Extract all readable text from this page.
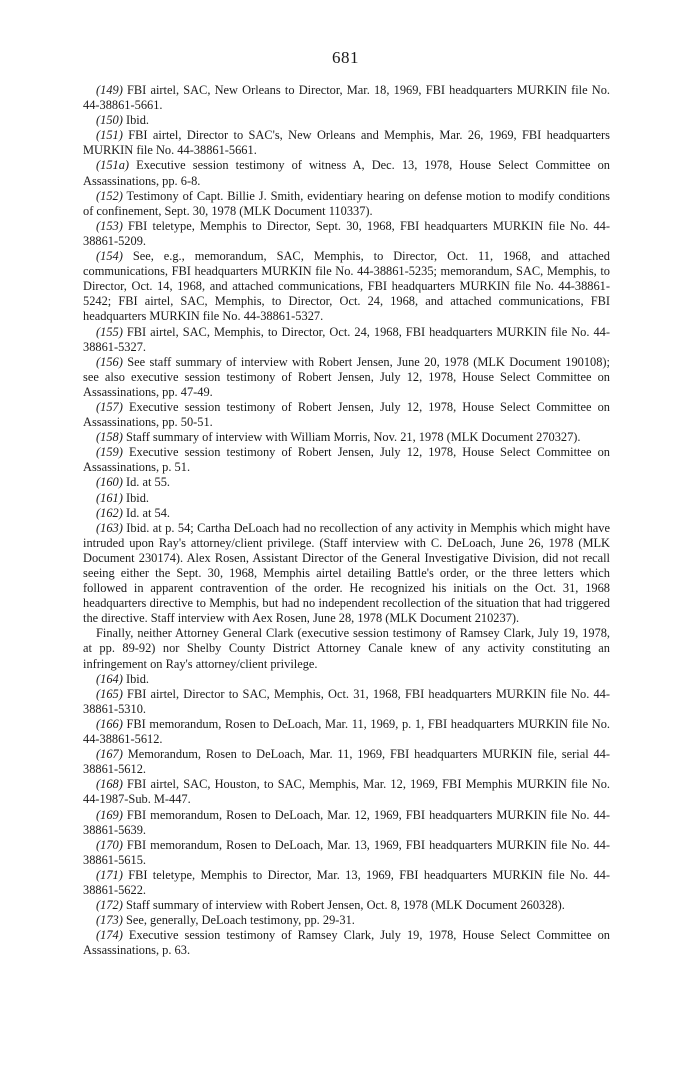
681

(149) FBI airtel, SAC, New Orleans to Director, Mar. 18, 1969, FBI headquarters MURKIN file No. 44-38861-5661.

(150) Ibid.

(151) FBI airtel, Director to SAC's, New Orleans and Memphis, Mar. 26, 1969, FBI headquarters MURKIN file No. 44-38861-5661.

(151a) Executive session testimony of witness A, Dec. 13, 1978, House Select Committee on Assassinations, pp. 6-8.

(152) Testimony of Capt. Billie J. Smith, evidentiary hearing on defense motion to modify conditions of confinement, Sept. 30, 1978 (MLK Document 110337).

(153) FBI teletype, Memphis to Director, Sept. 30, 1968, FBI headquarters MURKIN file No. 44-38861-5209.

(154) See, e.g., memorandum, SAC, Memphis, to Director, Oct. 11, 1968, and attached communications, FBI headquarters MURKIN file No. 44-38861-5235; memorandum, SAC, Memphis, to Director, Oct. 14, 1968, and attached communications, FBI headquarters MURKIN file No. 44-38861-5242; FBI airtel, SAC, Memphis, to Director, Oct. 24, 1968, and attached communications, FBI headquarters MURKIN file No. 44-38861-5327.

(155) FBI airtel, SAC, Memphis, to Director, Oct. 24, 1968, FBI headquarters MURKIN file No. 44-38861-5327.

(156) See staff summary of interview with Robert Jensen, June 20, 1978 (MLK Document 190108); see also executive session testimony of Robert Jensen, July 12, 1978, House Select Committee on Assassinations, pp. 47-49.

(157) Executive session testimony of Robert Jensen, July 12, 1978, House Select Committee on Assassinations, pp. 50-51.

(158) Staff summary of interview with William Morris, Nov. 21, 1978 (MLK Document 270327).

(159) Executive session testimony of Robert Jensen, July 12, 1978, House Select Committee on Assassinations, p. 51.

(160) Id. at 55.

(161) Ibid.

(162) Id. at 54.

(163) Ibid. at p. 54; Cartha DeLoach had no recollection of any activity in Memphis which might have intruded upon Ray's attorney/client privilege. (Staff interview with C. DeLoach, June 26, 1978 (MLK Document 230174). Alex Rosen, Assistant Director of the General Investigative Division, did not recall seeing either the Sept. 30, 1968, Memphis airtel detailing Battle's order, or the three letters which followed in apparent contravention of the order. He recognized his initials on the Oct. 31, 1968 headquarters directive to Memphis, but had no independent recollection of the situation that had triggered the directive. Staff interview with Aex Rosen, June 28, 1978 (MLK Document 210237).

Finally, neither Attorney General Clark (executive session testimony of Ramsey Clark, July 19, 1978, at pp. 89-92) nor Shelby County District Attorney Canale knew of any activity constituting an infringement on Ray's attorney/client privilege.

(164) Ibid.

(165) FBI airtel, Director to SAC, Memphis, Oct. 31, 1968, FBI headquarters MURKIN file No. 44-38861-5310.

(166) FBI memorandum, Rosen to DeLoach, Mar. 11, 1969, p. 1, FBI headquarters MURKIN file No. 44-38861-5612.

(167) Memorandum, Rosen to DeLoach, Mar. 11, 1969, FBI headquarters MURKIN file, serial 44-38861-5612.

(168) FBI airtel, SAC, Houston, to SAC, Memphis, Mar. 12, 1969, FBI Memphis MURKIN file No. 44-1987-Sub. M-447.

(169) FBI memorandum, Rosen to DeLoach, Mar. 12, 1969, FBI headquarters MURKIN file No. 44-38861-5639.

(170) FBI memorandum, Rosen to DeLoach, Mar. 13, 1969, FBI headquarters MURKIN file No. 44-38861-5615.

(171) FBI teletype, Memphis to Director, Mar. 13, 1969, FBI headquarters MURKIN file No. 44-38861-5622.

(172) Staff summary of interview with Robert Jensen, Oct. 8, 1978 (MLK Document 260328).

(173) See, generally, DeLoach testimony, pp. 29-31.

(174) Executive session testimony of Ramsey Clark, July 19, 1978, House Select Committee on Assassinations, p. 63.
